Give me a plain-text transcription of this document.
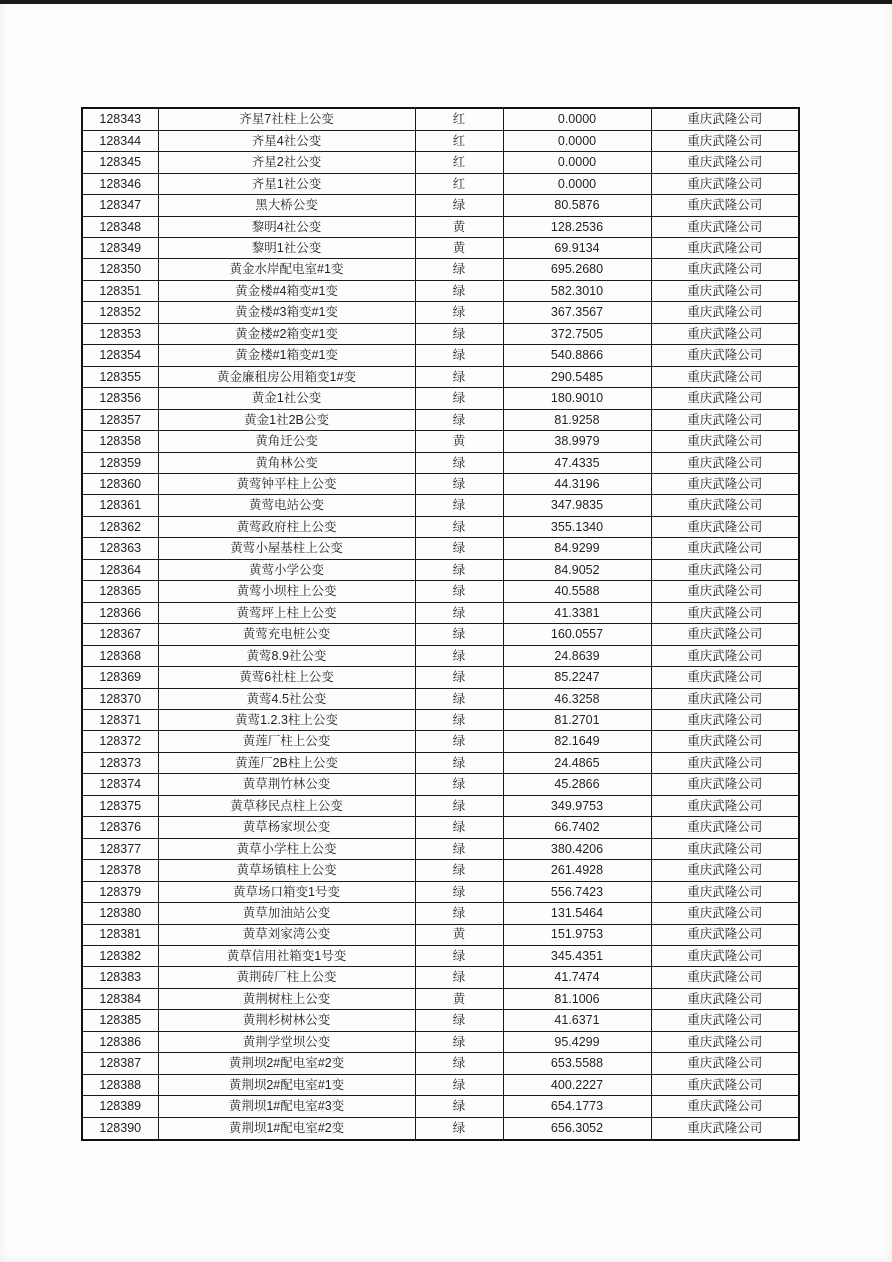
128343	齐星7社柱上公变	红	0.0000	重庆武隆公司
128344	齐星4社公变	红	0.0000	重庆武隆公司
128345	齐星2社公变	红	0.0000	重庆武隆公司
128346	齐星1社公变	红	0.0000	重庆武隆公司
128347	黑大桥公变	绿	80.5876	重庆武隆公司
128348	黎明4社公变	黄	128.2536	重庆武隆公司
128349	黎明1社公变	黄	69.9134	重庆武隆公司
128350	黄金水岸配电室#1变	绿	695.2680	重庆武隆公司
128351	黄金楼#4箱变#1变	绿	582.3010	重庆武隆公司
128352	黄金楼#3箱变#1变	绿	367.3567	重庆武隆公司
128353	黄金楼#2箱变#1变	绿	372.7505	重庆武隆公司
128354	黄金楼#1箱变#1变	绿	540.8866	重庆武隆公司
128355	黄金廉租房公用箱变1#变	绿	290.5485	重庆武隆公司
128356	黄金1社公变	绿	180.9010	重庆武隆公司
128357	黄金1社2B公变	绿	81.9258	重庆武隆公司
128358	黄角迁公变	黄	38.9979	重庆武隆公司
128359	黄角林公变	绿	47.4335	重庆武隆公司
128360	黄莺钟平柱上公变	绿	44.3196	重庆武隆公司
128361	黄莺电站公变	绿	347.9835	重庆武隆公司
128362	黄莺政府柱上公变	绿	355.1340	重庆武隆公司
128363	黄莺小屋基柱上公变	绿	84.9299	重庆武隆公司
128364	黄莺小学公变	绿	84.9052	重庆武隆公司
128365	黄莺小坝柱上公变	绿	40.5588	重庆武隆公司
128366	黄莺坪上柱上公变	绿	41.3381	重庆武隆公司
128367	黄莺充电桩公变	绿	160.0557	重庆武隆公司
128368	黄莺8.9社公变	绿	24.8639	重庆武隆公司
128369	黄莺6社柱上公变	绿	85.2247	重庆武隆公司
128370	黄莺4.5社公变	绿	46.3258	重庆武隆公司
128371	黄莺1.2.3柱上公变	绿	81.2701	重庆武隆公司
128372	黄莲厂柱上公变	绿	82.1649	重庆武隆公司
128373	黄莲厂2B柱上公变	绿	24.4865	重庆武隆公司
128374	黄草荆竹林公变	绿	45.2866	重庆武隆公司
128375	黄草移民点柱上公变	绿	349.9753	重庆武隆公司
128376	黄草杨家坝公变	绿	66.7402	重庆武隆公司
128377	黄草小学柱上公变	绿	380.4206	重庆武隆公司
128378	黄草场镇柱上公变	绿	261.4928	重庆武隆公司
128379	黄草场口箱变1号变	绿	556.7423	重庆武隆公司
128380	黄草加油站公变	绿	131.5464	重庆武隆公司
128381	黄草刘家湾公变	黄	151.9753	重庆武隆公司
128382	黄草信用社箱变1号变	绿	345.4351	重庆武隆公司
128383	黄荆砖厂柱上公变	绿	41.7474	重庆武隆公司
128384	黄荆树柱上公变	黄	81.1006	重庆武隆公司
128385	黄荆杉树林公变	绿	41.6371	重庆武隆公司
128386	黄荆学堂坝公变	绿	95.4299	重庆武隆公司
128387	黄荆坝2#配电室#2变	绿	653.5588	重庆武隆公司
128388	黄荆坝2#配电室#1变	绿	400.2227	重庆武隆公司
128389	黄荆坝1#配电室#3变	绿	654.1773	重庆武隆公司
128390	黄荆坝1#配电室#2变	绿	656.3052	重庆武隆公司
